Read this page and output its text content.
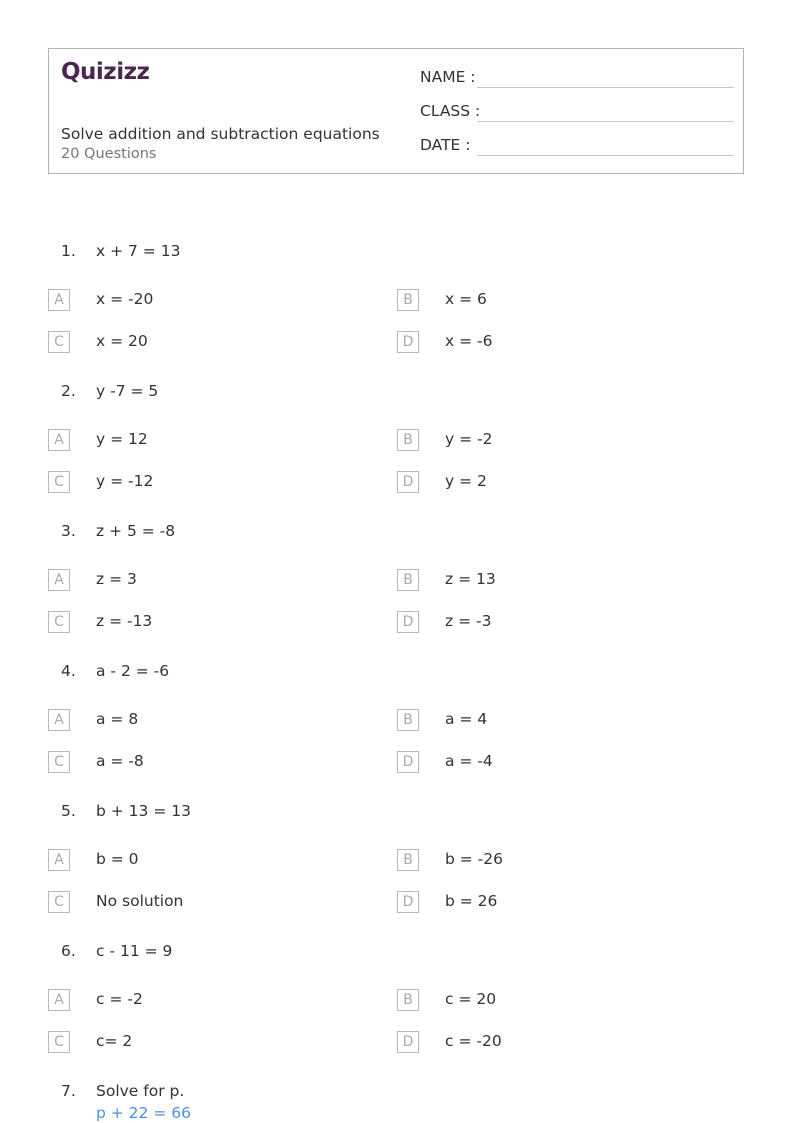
Quizizz
Solve addition and subtraction equations
20 Questions
NAME :
CLASS :
DATE :
1. x + 7 = 13
A	x = -20	B	x = 6
C	x = 20	D	x = -6
2. y -7 = 5
A	y = 12	B	y = -2
C	y = -12	D	y = 2
3. z + 5 = -8
A	z = 3	B	z = 13
C	z = -13	D	z = -3
4. a - 2 = -6
A	a = 8	B	a = 4
C	a = -8	D	a = -4
5. b + 13 = 13
A	b = 0	B	b = -26
C	No solution	D	b = 26
6. c - 11 = 9
A	c = -2	B	c = 20
C	c= 2	D	c = -20
7. Solve for p.
p + 22 = 66
